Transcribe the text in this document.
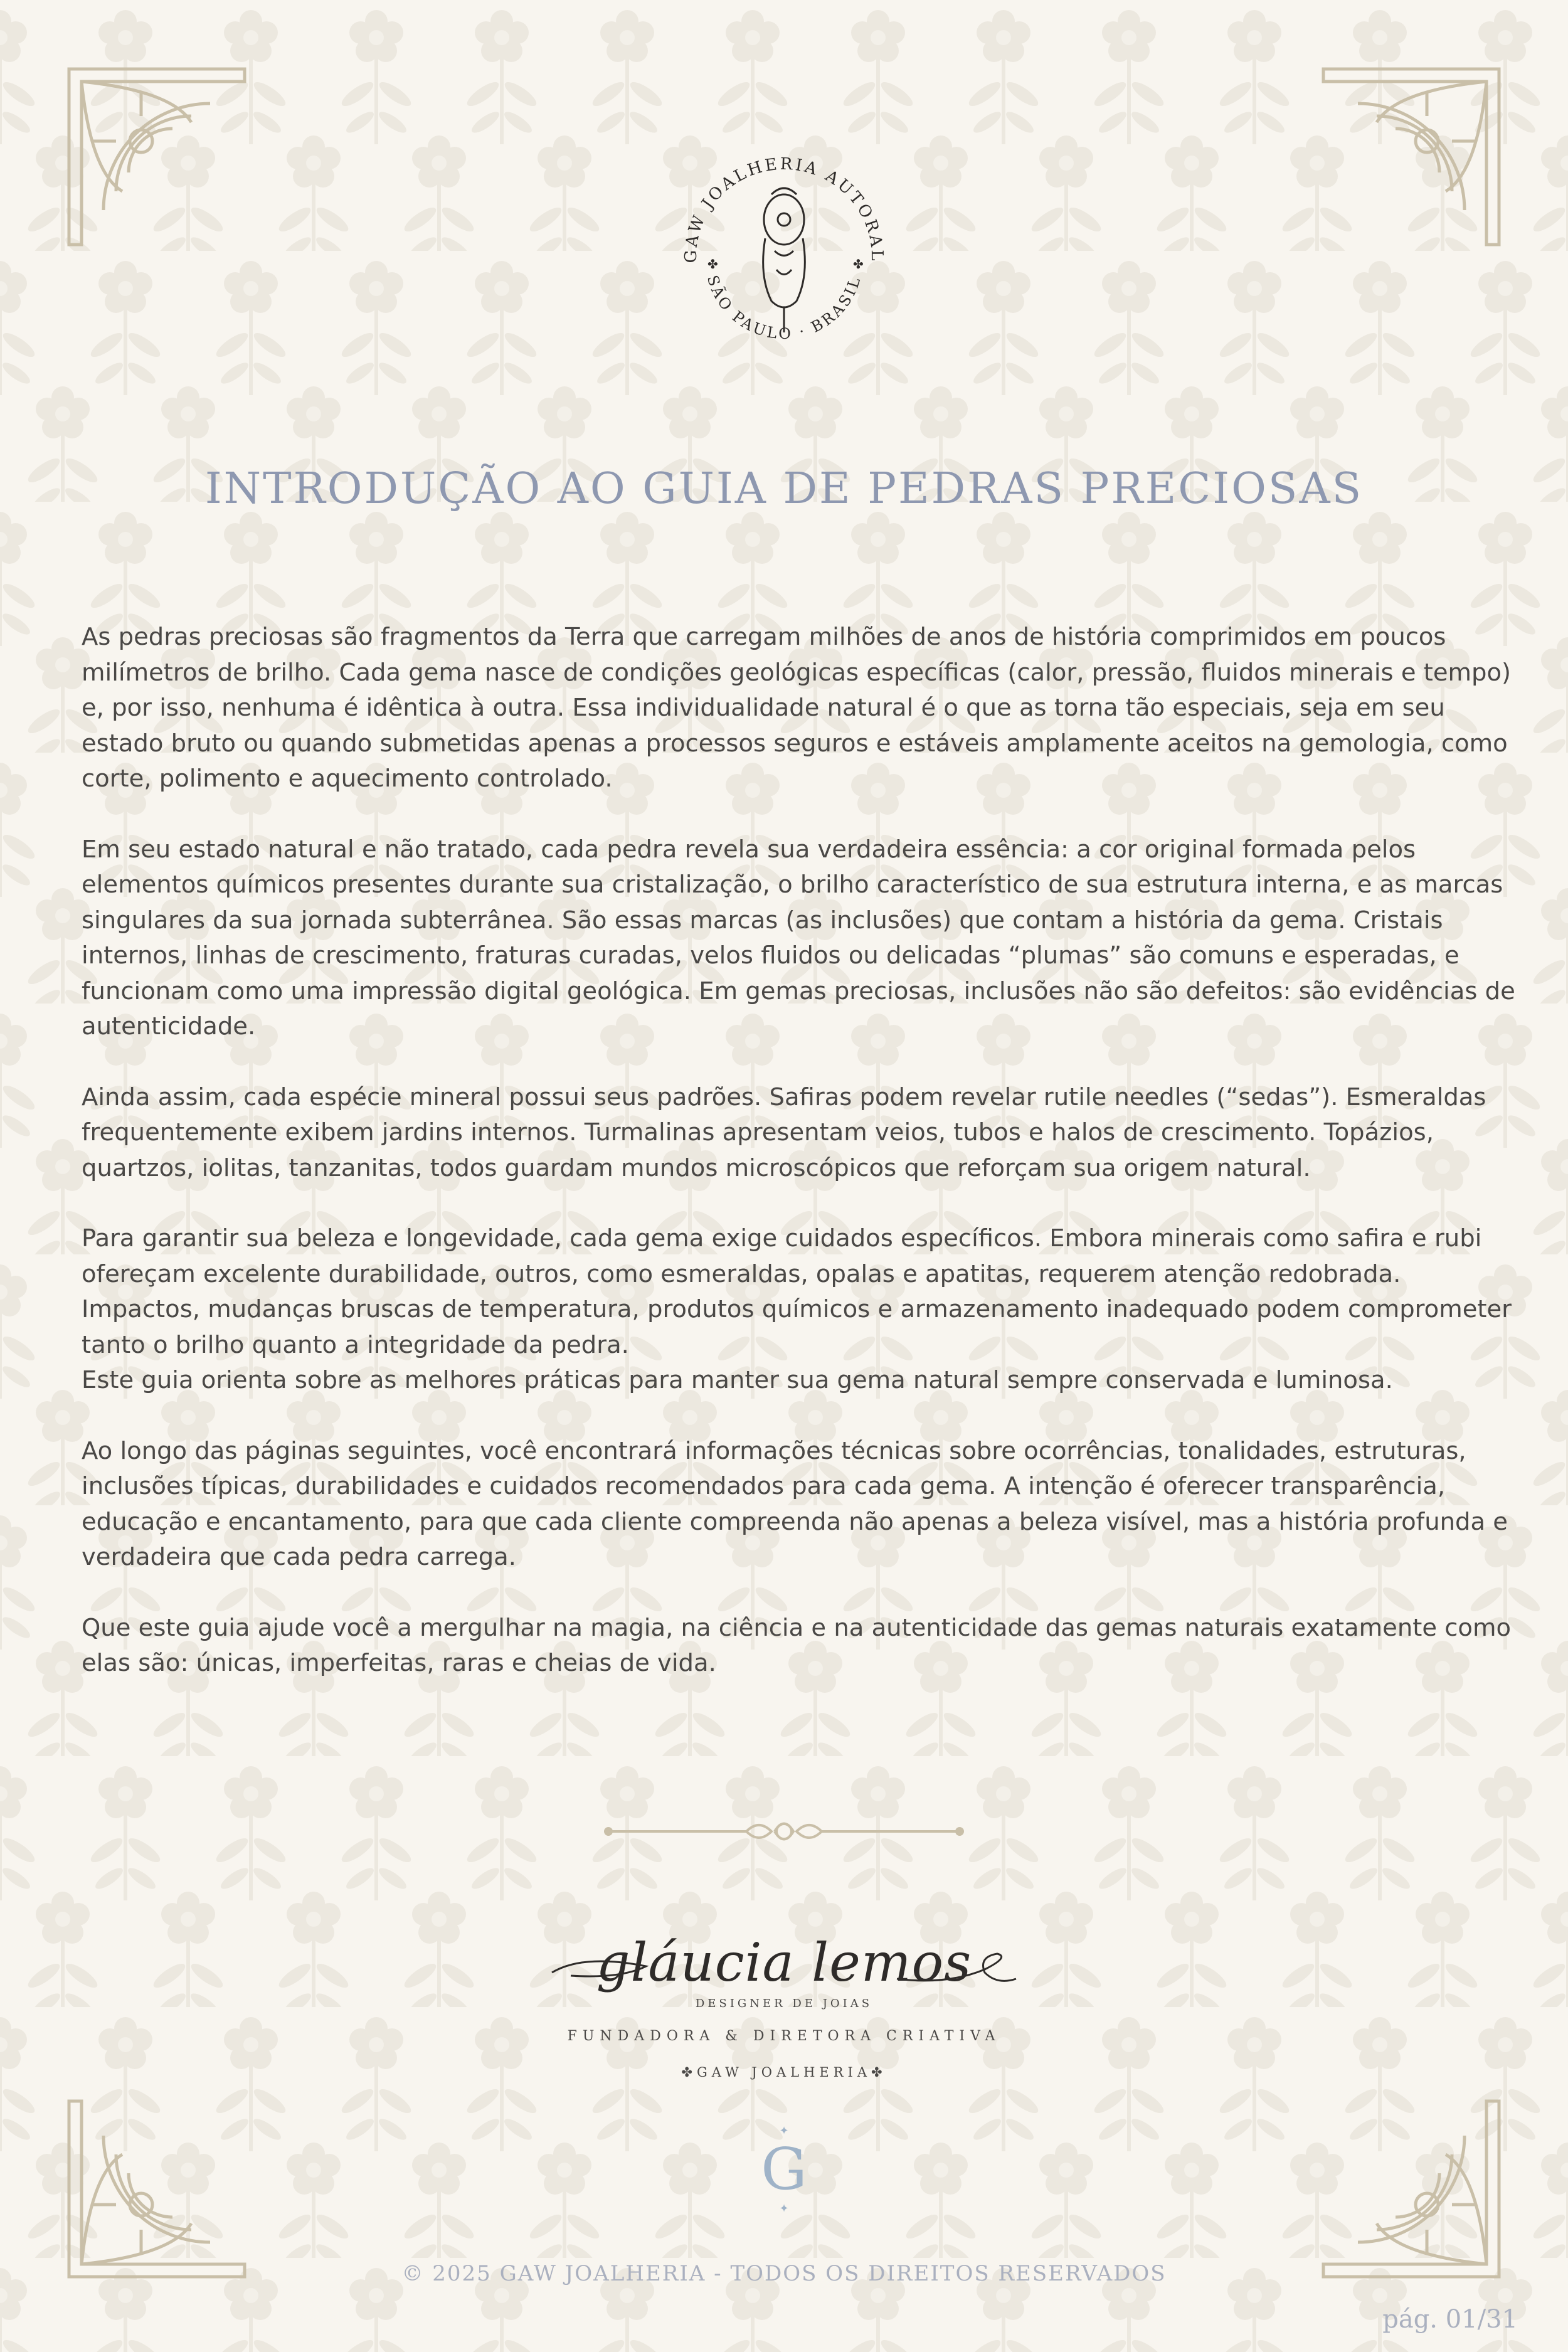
GAW JOALHERIA AUTORAL
SÃO PAULO · BRASIL
✤	✤
INTRODUÇÃO AO GUIA DE PEDRAS PRECIOSAS

As pedras preciosas são fragmentos da Terra que carregam milhões de anos de história comprimidos em poucos milímetros de brilho. Cada gema nasce de condições geológicas específicas (calor, pressão, fluidos minerais e tempo) e, por isso, nenhuma é idêntica à outra. Essa individualidade natural é o que as torna tão especiais, seja em seu estado bruto ou quando submetidas apenas a processos seguros e estáveis amplamente aceitos na gemologia, como corte, polimento e aquecimento controlado.

Em seu estado natural e não tratado, cada pedra revela sua verdadeira essência: a cor original formada pelos elementos químicos presentes durante sua cristalização, o brilho característico de sua estrutura interna, e as marcas singulares da sua jornada subterrânea. São essas marcas (as inclusões) que contam a história da gema. Cristais internos, linhas de crescimento, fraturas curadas, velos fluidos ou delicadas “plumas” são comuns e esperadas, e funcionam como uma impressão digital geológica. Em gemas preciosas, inclusões não são defeitos: são evidências de autenticidade.

Ainda assim, cada espécie mineral possui seus padrões. Safiras podem revelar rutile needles (“sedas”). Esmeraldas frequentemente exibem jardins internos. Turmalinas apresentam veios, tubos e halos de crescimento. Topázios, quartzos, iolitas, tanzanitas, todos guardam mundos microscópicos que reforçam sua origem natural.

Para garantir sua beleza e longevidade, cada gema exige cuidados específicos. Embora minerais como safira e rubi ofereçam excelente durabilidade, outros, como esmeraldas, opalas e apatitas, requerem atenção redobrada. Impactos, mudanças bruscas de temperatura, produtos químicos e armazenamento inadequado podem comprometer tanto o brilho quanto a integridade da pedra.
Este guia orienta sobre as melhores práticas para manter sua gema natural sempre conservada e luminosa.

Ao longo das páginas seguintes, você encontrará informações técnicas sobre ocorrências, tonalidades, estruturas, inclusões típicas, durabilidades e cuidados recomendados para cada gema. A intenção é oferecer transparência, educação e encantamento, para que cada cliente compreenda não apenas a beleza visível, mas a história profunda e verdadeira que cada pedra carrega.

Que este guia ajude você a mergulhar na magia, na ciência e na autenticidade das gemas naturais exatamente como elas são: únicas, imperfeitas, raras e cheias de vida.

gláucia lemos
DESIGNER DE JOIAS
FUNDADORA & DIRETORA CRIATIVA
✤GAW JOALHERIA✤
✦
G
✦
© 2025 GAW JOALHERIA - TODOS OS DIREITOS RESERVADOS
pág. 01/31
